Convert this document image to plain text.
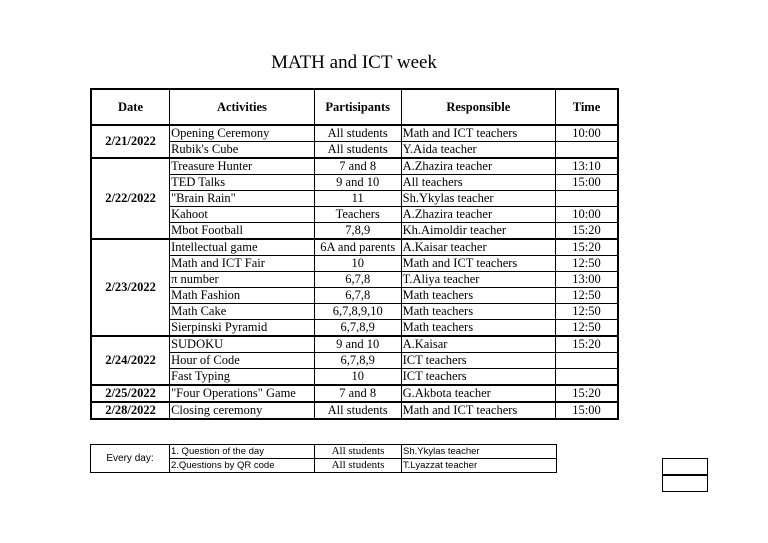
MATH and ICT week
Date	Activities	Partisipants	Responsible	Time
2/21/2022	Opening Ceremony	All students	Math and ICT teachers	10:00
	Rubik's Cube	All students	Y.Aida teacher	
2/22/2022	Treasure Hunter	7 and 8	A.Zhazira teacher	13:10
	TED Talks	9 and 10	All teachers	15:00
	"Brain Rain"	11	Sh.Ykylas teacher	
	Kahoot	Teachers	A.Zhazira teacher	10:00
	Mbot Football	7,8,9	Kh.Aimoldir teacher	15:20
2/23/2022	Intellectual game	6A and parents	A.Kaisar teacher	15:20
	Math and ICT Fair	10	Math and ICT teachers	12:50
	π number	6,7,8	T.Aliya teacher	13:00
	Math Fashion	6,7,8	Math teachers	12:50
	Math Cake	6,7,8,9,10	Math teachers	12:50
	Sierpinski Pyramid	6,7,8,9	Math teachers	12:50
2/24/2022	SUDOKU	9 and 10	A.Kaisar	15:20
	Hour of Code	6,7,8,9	ICT teachers	
	Fast Typing	10	ICT teachers	
2/25/2022	"Four Operations" Game	7 and 8	G.Akbota teacher	15:20
2/28/2022	Closing ceremony	All students	Math and ICT teachers	15:00
Every day:	1. Question of the day	All students	Sh.Ykylas teacher
	2.Questions by QR code	All students	T.Lyazzat teacher
